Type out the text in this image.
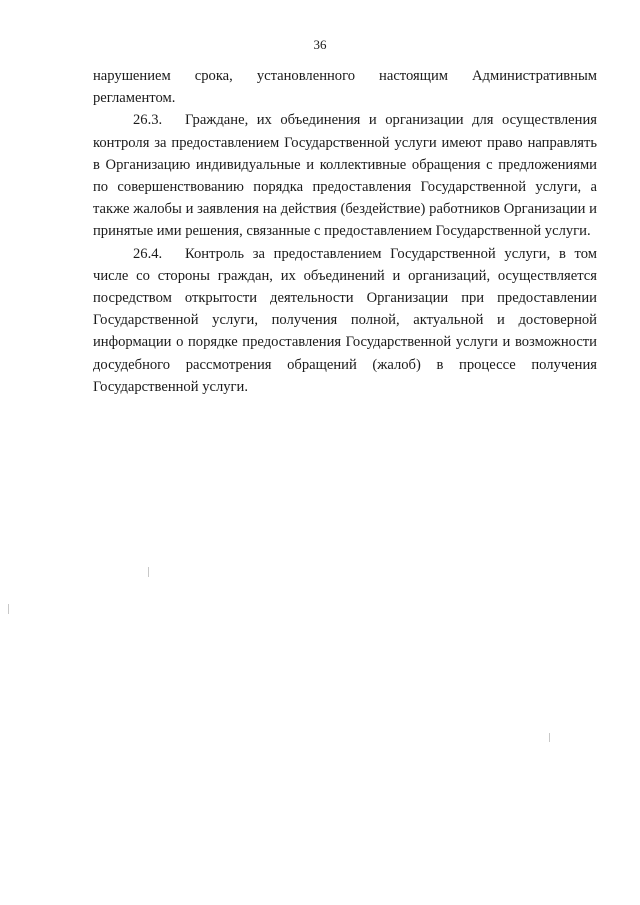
36

нарушением срока, установленного настоящим Административным регламентом.

26.3. Граждане, их объединения и организации для осуществления контроля за предоставлением Государственной услуги имеют право направлять в Организацию индивидуальные и коллективные обращения с предложениями по совершенствованию порядка предоставления Государственной услуги, а также жалобы и заявления на действия (бездействие) работников Организации и принятые ими решения, связанные с предоставлением Государственной услуги.

26.4. Контроль за предоставлением Государственной услуги, в том числе со стороны граждан, их объединений и организаций, осуществляется посредством открытости деятельности Организации при предоставлении Государственной услуги, получения полной, актуальной и достоверной информации о порядке предоставления Государственной услуги и возможности досудебного рассмотрения обращений (жалоб) в процессе получения Государственной услуги.
